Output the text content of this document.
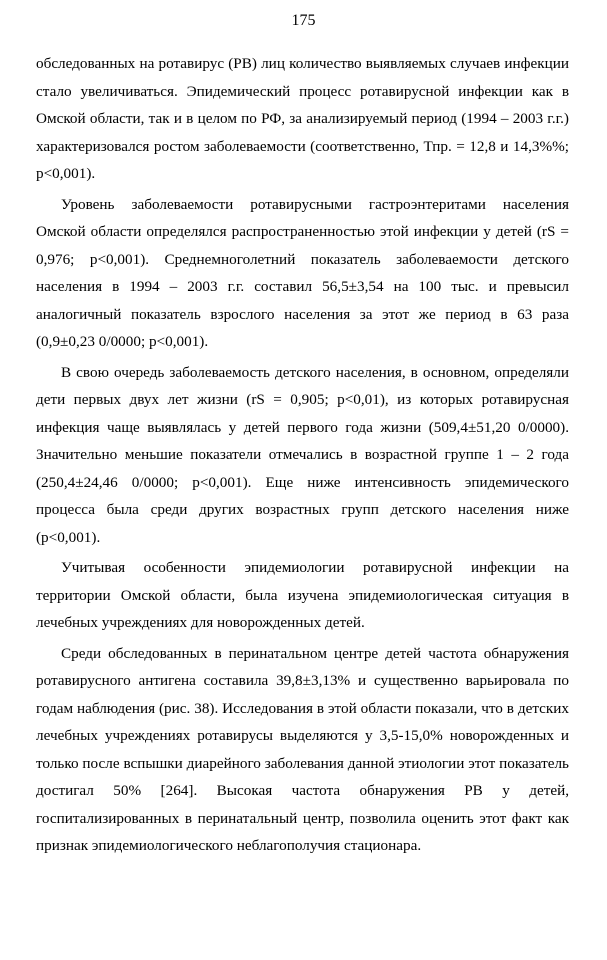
175

обследованных на ротавирус (РВ) лиц количество выявляемых случаев инфекции стало увеличиваться. Эпидемический процесс ротавирусной инфекции как в Омской области, так и в целом по РФ, за анализируемый период (1994 – 2003 г.г.) характеризовался ростом заболеваемости (соответственно, Тпр. = 12,8 и 14,3%%; р<0,001).

Уровень заболеваемости ротавирусными гастроэнтеритами населения Омской области определялся распространенностью этой инфекции у детей (rS = 0,976; р<0,001). Среднемноголетний показатель заболеваемости детского населения в 1994 – 2003 г.г. составил 56,5±3,54 на 100 тыс. и превысил аналогичный показатель взрослого населения за этот же период в 63 раза (0,9±0,23 0/0000; р<0,001).

В свою очередь заболеваемость детского населения, в основном, определяли дети первых двух лет жизни (rS = 0,905; р<0,01), из которых ротавирусная инфекция чаще выявлялась у детей первого года жизни (509,4±51,20 0/0000). Значительно меньшие показатели отмечались в возрастной группе 1 – 2 года (250,4±24,46 0/0000; р<0,001). Еще ниже интенсивность эпидемического процесса была среди других возрастных групп детского населения ниже (р<0,001).

Учитывая особенности эпидемиологии ротавирусной инфекции на территории Омской области, была изучена эпидемиологическая ситуация в лечебных учреждениях для новорожденных детей.

Среди обследованных в перинатальном центре детей частота обнаружения ротавирусного антигена составила 39,8±3,13% и существенно варьировала по годам наблюдения (рис. 38). Исследования в этой области показали, что в детских лечебных учреждениях ротавирусы выделяются у 3,5-15,0% новорожденных и только после вспышки диарейного заболевания данной этиологии этот показатель достигал 50% [264]. Высокая частота обнаружения РВ у детей, госпитализированных в перинатальный центр, позволила оценить этот факт как признак эпидемиологического неблагополучия стационара.
